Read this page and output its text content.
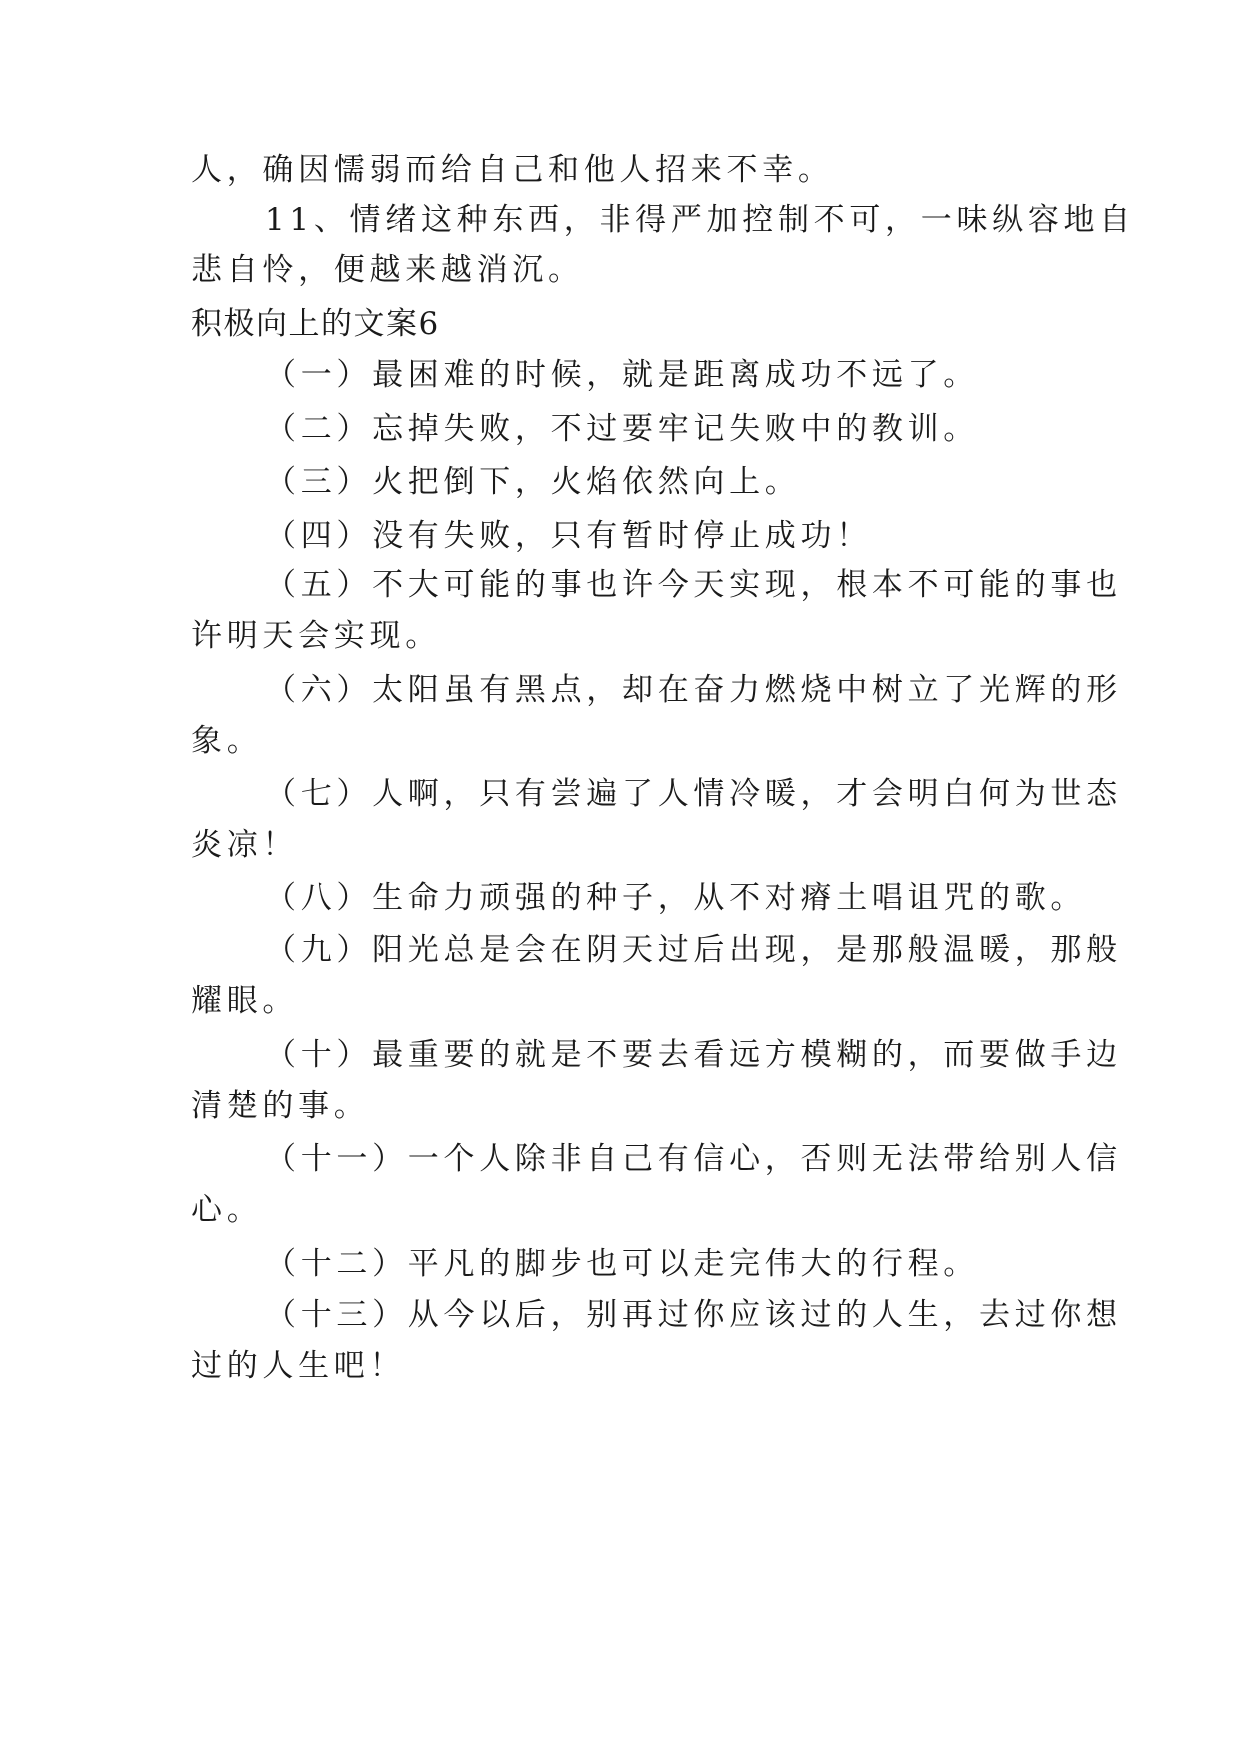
人，确因懦弱而给自己和他人招来不幸。
11、情绪这种东西，非得严加控制不可，一味纵容地自
悲自怜，便越来越消沉。
积极向上的文案6
（一）最困难的时候，就是距离成功不远了。
（二）忘掉失败，不过要牢记失败中的教训。
（三）火把倒下，火焰依然向上。
（四）没有失败，只有暂时停止成功！
（五）不大可能的事也许今天实现，根本不可能的事也
许明天会实现。
（六）太阳虽有黑点，却在奋力燃烧中树立了光辉的形
象。
（七）人啊，只有尝遍了人情冷暖，才会明白何为世态
炎凉！
（八）生命力顽强的种子，从不对瘠土唱诅咒的歌。
（九）阳光总是会在阴天过后出现，是那般温暖，那般
耀眼。
（十）最重要的就是不要去看远方模糊的，而要做手边
清楚的事。
（十一）一个人除非自己有信心，否则无法带给别人信
心。
（十二）平凡的脚步也可以走完伟大的行程。
（十三）从今以后，别再过你应该过的人生，去过你想
过的人生吧！
